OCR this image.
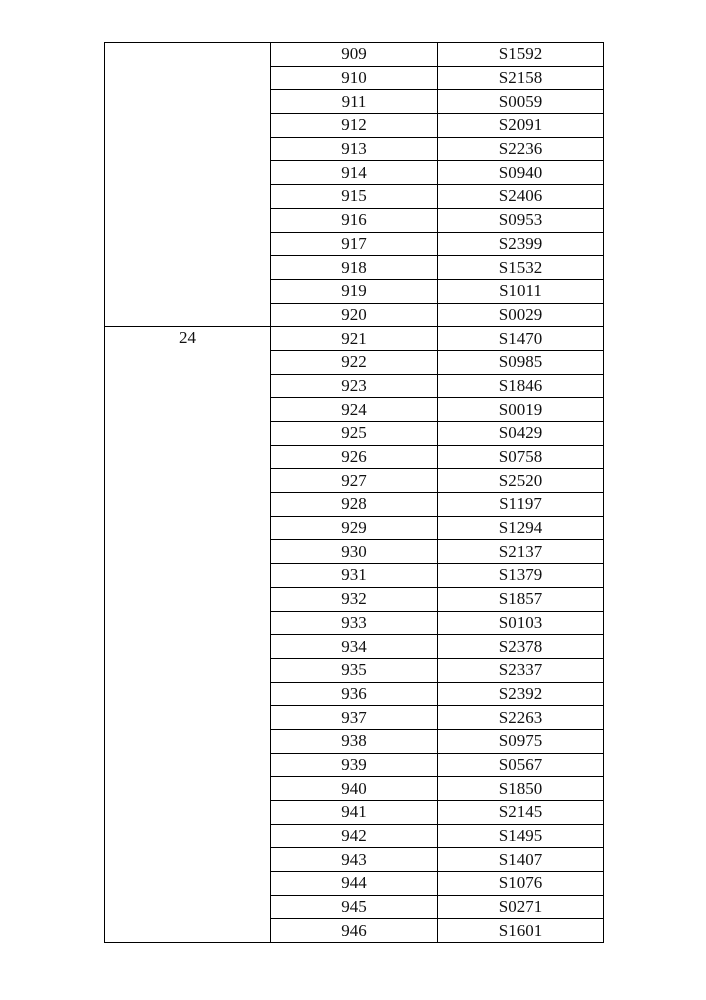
	909	S1592
	910	S2158
	911	S0059
	912	S2091
	913	S2236
	914	S0940
	915	S2406
	916	S0953
	917	S2399
	918	S1532
	919	S1011
	920	S0029
24	921	S1470
	922	S0985
	923	S1846
	924	S0019
	925	S0429
	926	S0758
	927	S2520
	928	S1197
	929	S1294
	930	S2137
	931	S1379
	932	S1857
	933	S0103
	934	S2378
	935	S2337
	936	S2392
	937	S2263
	938	S0975
	939	S0567
	940	S1850
	941	S2145
	942	S1495
	943	S1407
	944	S1076
	945	S0271
	946	S1601
